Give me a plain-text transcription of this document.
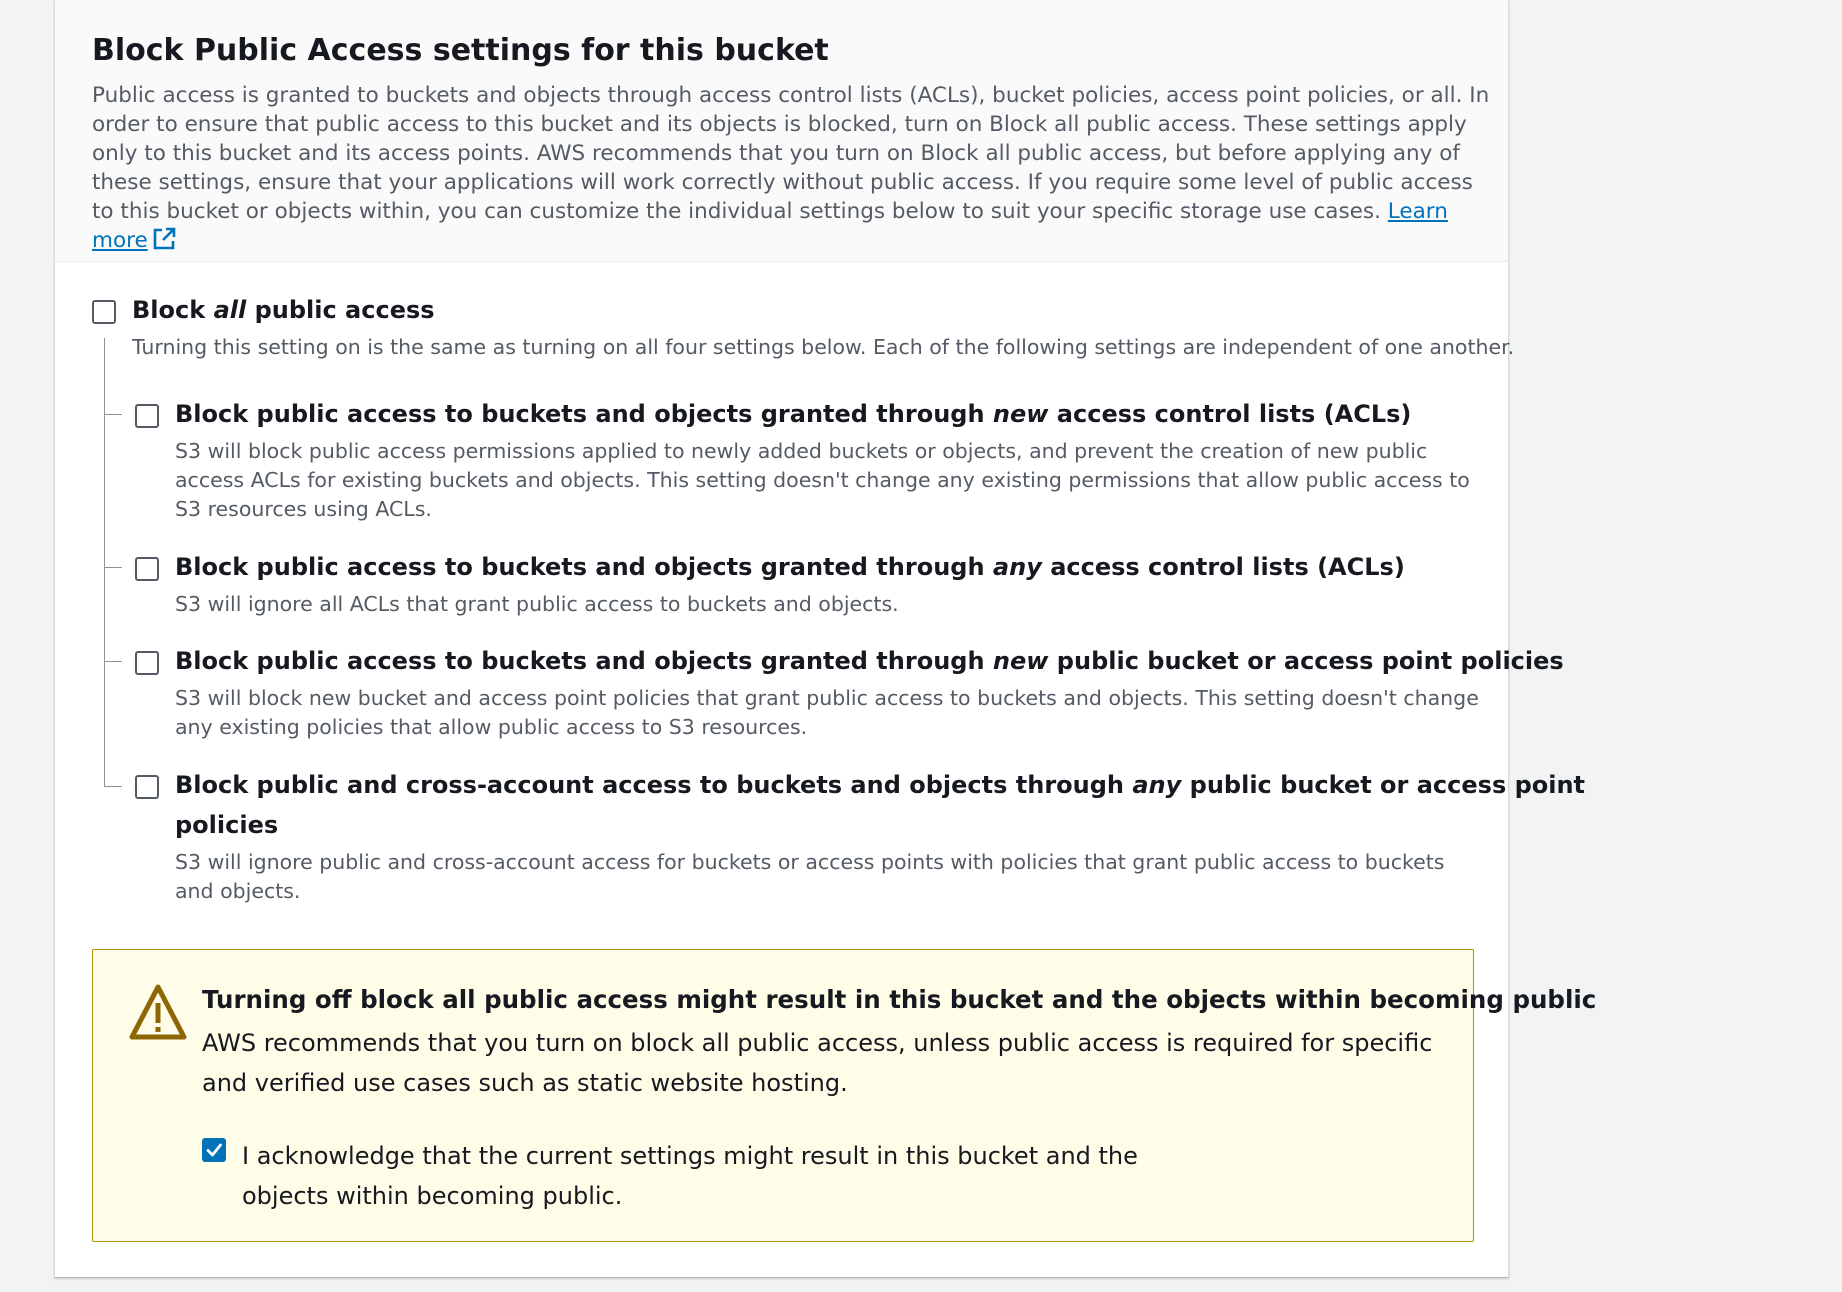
Block Public Access settings for this bucket

Public access is granted to buckets and objects through access control lists (ACLs), bucket policies, access point policies, or all. In order to ensure that public access to this bucket and its objects is blocked, turn on Block all public access. These settings apply only to this bucket and its access points. AWS recommends that you turn on Block all public access, but before applying any of these settings, ensure that your applications will work correctly without public access. If you require some level of public access to this bucket or objects within, you can customize the individual settings below to suit your specific storage use cases. Learn more

Block all public access
Turning this setting on is the same as turning on all four settings below. Each of the following settings are independent of one another.
Block public access to buckets and objects granted through new access control lists (ACLs)
S3 will block public access permissions applied to newly added buckets or objects, and prevent the creation of new public access ACLs for existing buckets and objects. This setting doesn't change any existing permissions that allow public access to S3 resources using ACLs.
Block public access to buckets and objects granted through any access control lists (ACLs)
S3 will ignore all ACLs that grant public access to buckets and objects.
Block public access to buckets and objects granted through new public bucket or access point policies
S3 will block new bucket and access point policies that grant public access to buckets and objects. This setting doesn't change any existing policies that allow public access to S3 resources.
Block public and cross-account access to buckets and objects through any public bucket or access point
policies
S3 will ignore public and cross-account access for buckets or access points with policies that grant public access to buckets and objects.
Turning off block all public access might result in this bucket and the objects within becoming public
AWS recommends that you turn on block all public access, unless public access is required for specific and verified use cases such as static website hosting.
I acknowledge that the current settings might result in this bucket and the objects within becoming public.
